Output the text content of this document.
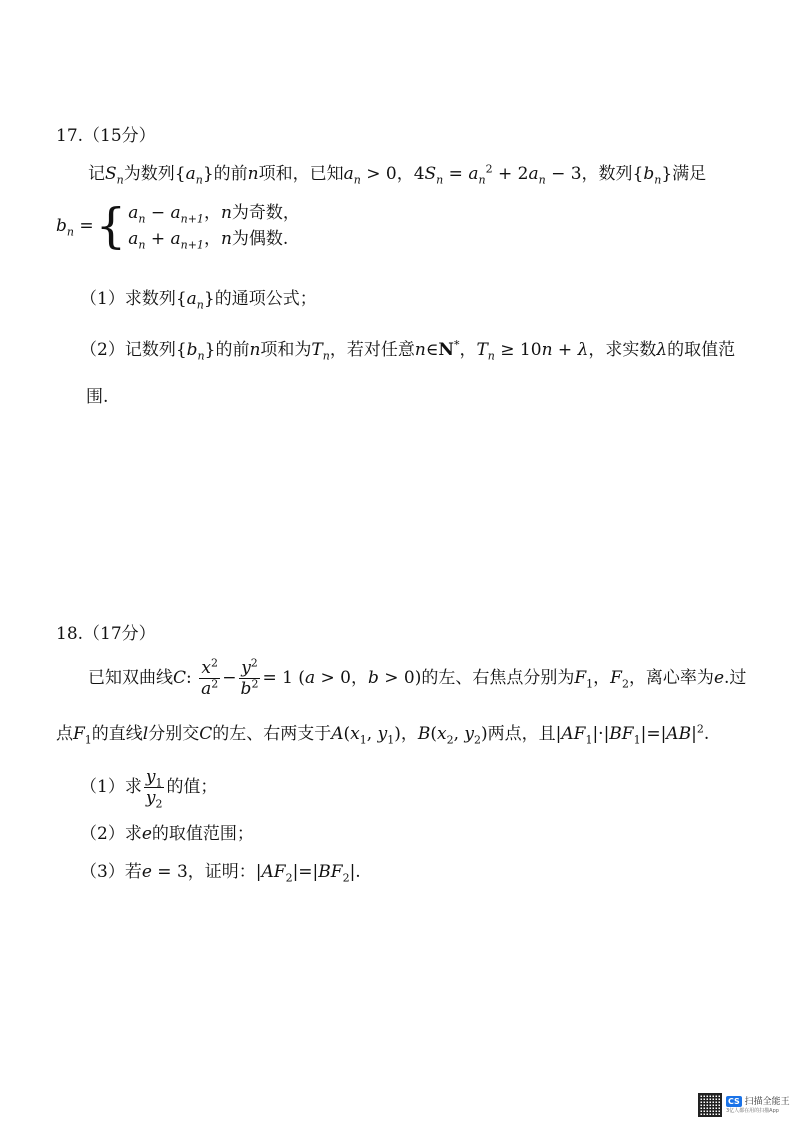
17.（15分）
记$S_n$为数列$\{a_n\}$的前n项和，已知$a_n > 0$，$4S_n = a_n^2 + 2a_n - 3$，数列$\{b_n\}$满足
$b_n$ = { $a_n - a_{n+1}$，n为奇数，
$a_n + a_{n+1}$，n为偶数.
（1）求数列$\{a_n\}$的通项公式；
（2）记数列$\{b_n\}$的前n项和为$T_n$，若对任意n∈N*，$T_n \ge 10n + \lambda$，求实数λ的取值范
围.
18.（17分）
已知双曲线C: $\frac{x^2}{a^2} - \frac{y^2}{b^2} = 1$ (a > 0，b > 0)的左、右焦点分别为$F_1$，$F_2$，离心率为e.过
点$F_1$的直线l分别交C的左、右两支于$A(x_1$, $y_1$)，$B(x_2$, $y_2$)两点，且$|AF_1|\cdot|BF_1|=|AB|^2$.
（1）求 $\frac{y_1}{y_2}$ 的值；
（2）求e的取值范围；
（3）若e = 3，证明：$|AF_2|=|BF_2|$.
CS 扫描全能王
3亿人都在用的扫描App
